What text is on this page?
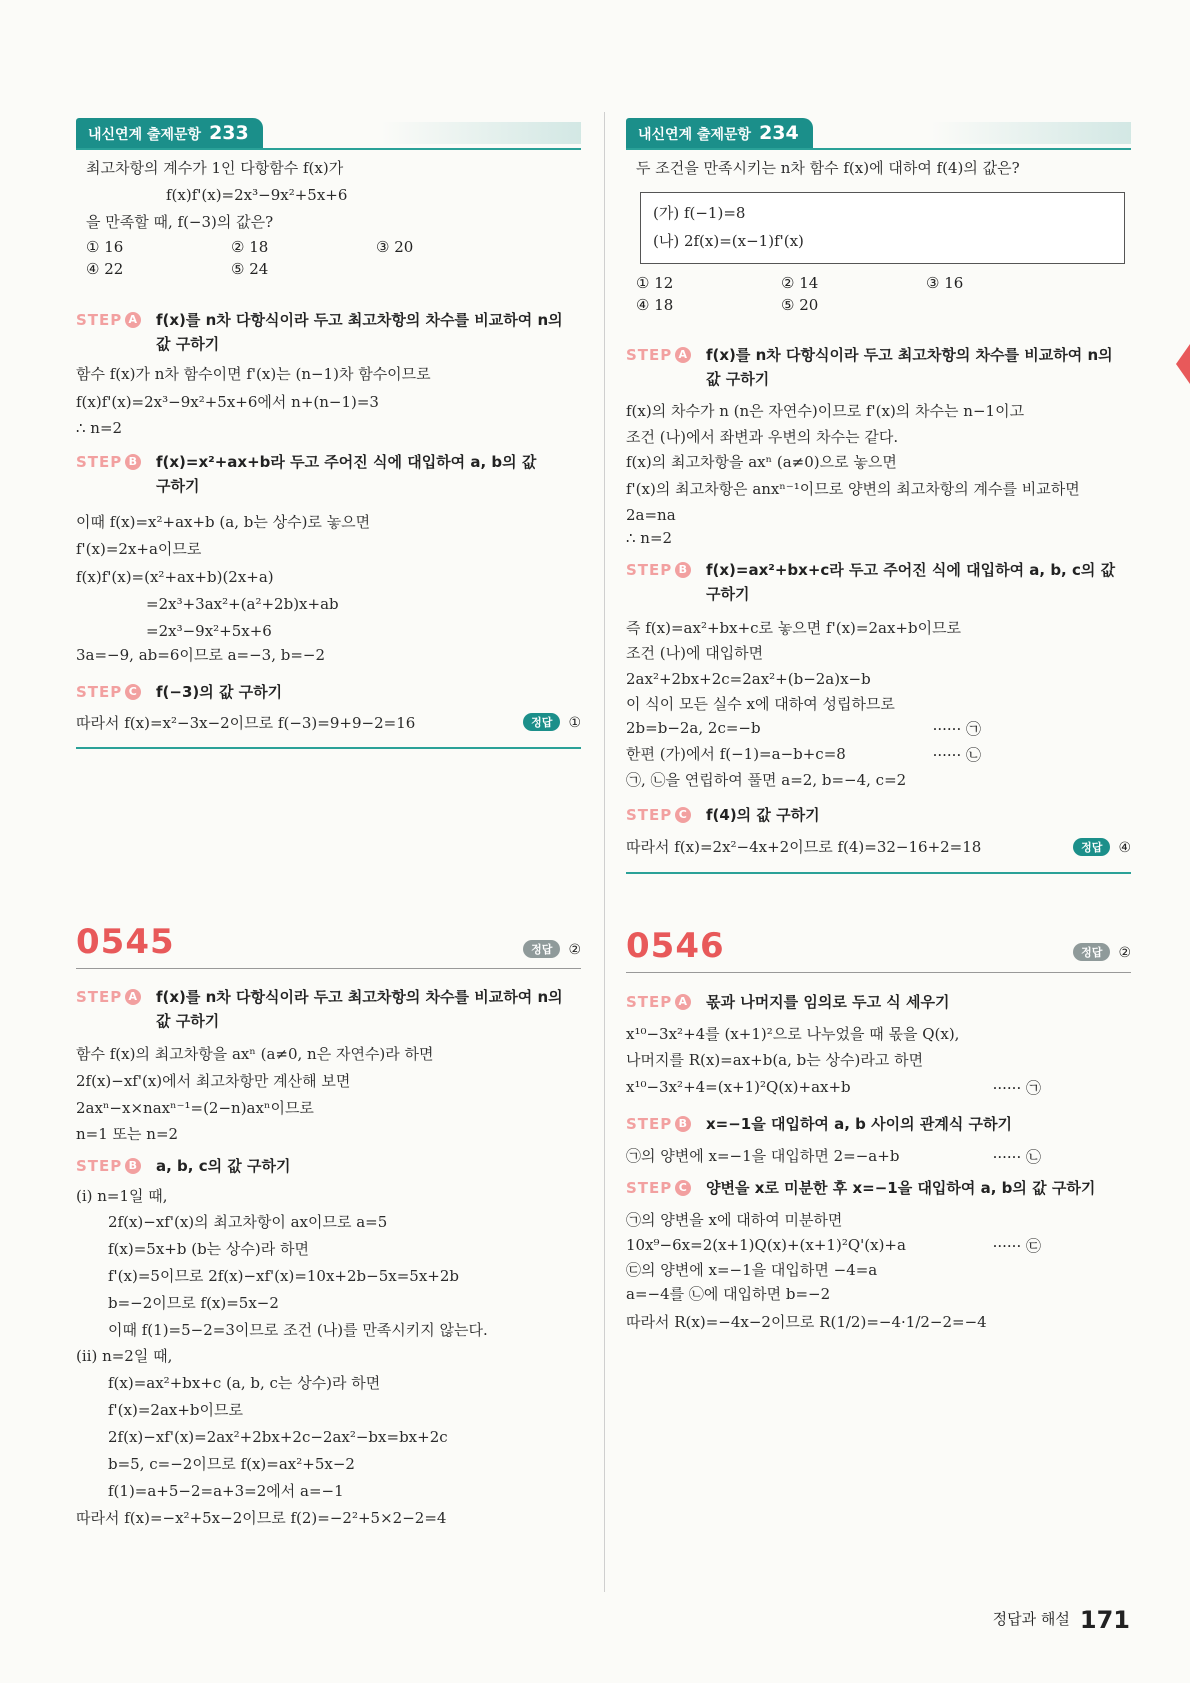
내신연계 출제문항 233
최고차항의 계수가 1인 다항함수 f(x)가
f(x)f'(x)=2x³−9x²+5x+6
을 만족할 때, f(−3)의 값은?
① 16	② 18	③ 20
④ 22	⑤ 24
STEP A f(x)를 n차 다항식이라 두고 최고차항의 차수를 비교하여 n의
값 구하기
함수 f(x)가 n차 함수이면 f'(x)는 (n−1)차 함수이므로
f(x)f'(x)=2x³−9x²+5x+6에서 n+(n−1)=3
∴ n=2
STEP B f(x)=x²+ax+b라 두고 주어진 식에 대입하여 a, b의 값
구하기
이때 f(x)=x²+ax+b (a, b는 상수)로 놓으면
f'(x)=2x+a이므로
f(x)f'(x)=(x²+ax+b)(2x+a)
=2x³+3ax²+(a²+2b)x+ab
=2x³−9x²+5x+6
3a=−9, ab=6이므로 a=−3, b=−2
STEP C f(−3)의 값 구하기
따라서 f(x)=x²−3x−2이므로 f(−3)=9+9−2=16	정답 ①
0545	정답 ②
STEP A f(x)를 n차 다항식이라 두고 최고차항의 차수를 비교하여 n의
값 구하기
함수 f(x)의 최고차항을 axⁿ (a≠0, n은 자연수)라 하면
2f(x)−xf'(x)에서 최고차항만 계산해 보면
2axⁿ−x×naxⁿ⁻¹=(2−n)axⁿ이므로
n=1 또는 n=2
STEP B a, b, c의 값 구하기
(ⅰ) n=1일 때,
2f(x)−xf'(x)의 최고차항이 ax이므로 a=5
f(x)=5x+b (b는 상수)라 하면
f'(x)=5이므로 2f(x)−xf'(x)=10x+2b−5x=5x+2b
b=−2이므로 f(x)=5x−2
이때 f(1)=5−2=3이므로 조건 (나)를 만족시키지 않는다.
(ⅱ) n=2일 때,
f(x)=ax²+bx+c (a, b, c는 상수)라 하면
f'(x)=2ax+b이므로
2f(x)−xf'(x)=2ax²+2bx+2c−2ax²−bx=bx+2c
b=5, c=−2이므로 f(x)=ax²+5x−2
f(1)=a+5−2=a+3=2에서 a=−1
따라서 f(x)=−x²+5x−2이므로 f(2)=−2²+5×2−2=4
내신연계 출제문항 234
두 조건을 만족시키는 n차 함수 f(x)에 대하여 f(4)의 값은?
(가) f(−1)=8
(나) 2f(x)=(x−1)f'(x)
① 12	② 14	③ 16
④ 18	⑤ 20
STEP A f(x)를 n차 다항식이라 두고 최고차항의 차수를 비교하여 n의
값 구하기
f(x)의 차수가 n (n은 자연수)이므로 f'(x)의 차수는 n−1이고
조건 (나)에서 좌변과 우변의 차수는 같다.
f(x)의 최고차항을 axⁿ (a≠0)으로 놓으면
f'(x)의 최고차항은 anxⁿ⁻¹이므로 양변의 최고차항의 계수를 비교하면
2a=na
∴ n=2
STEP B f(x)=ax²+bx+c라 두고 주어진 식에 대입하여 a, b, c의 값
구하기
즉 f(x)=ax²+bx+c로 놓으면 f'(x)=2ax+b이므로
조건 (나)에 대입하면
2ax²+2bx+2c=2ax²+(b−2a)x−b
이 식이 모든 실수 x에 대하여 성립하므로
2b=b−2a, 2c=−b	······ ㉠
한편 (가)에서 f(−1)=a−b+c=8	······ ㉡
㉠, ㉡을 연립하여 풀면 a=2, b=−4, c=2
STEP C f(4)의 값 구하기
따라서 f(x)=2x²−4x+2이므로 f(4)=32−16+2=18	정답 ④
0546	정답 ②
STEP A 몫과 나머지를 임의로 두고 식 세우기
x¹⁰−3x²+4를 (x+1)²으로 나누었을 때 몫을 Q(x),
나머지를 R(x)=ax+b(a, b는 상수)라고 하면
x¹⁰−3x²+4=(x+1)²Q(x)+ax+b	······ ㉠
STEP B x=−1을 대입하여 a, b 사이의 관계식 구하기
㉠의 양변에 x=−1을 대입하면 2=−a+b	······ ㉡
STEP C 양변을 x로 미분한 후 x=−1을 대입하여 a, b의 값 구하기
㉠의 양변을 x에 대하여 미분하면
10x⁹−6x=2(x+1)Q(x)+(x+1)²Q'(x)+a	······ ㉢
㉢의 양변에 x=−1을 대입하면 −4=a
a=−4를 ㉡에 대입하면 b=−2
따라서 R(x)=−4x−2이므로 R(1/2)=−4·1/2−2=−4
정답과 해설 171
